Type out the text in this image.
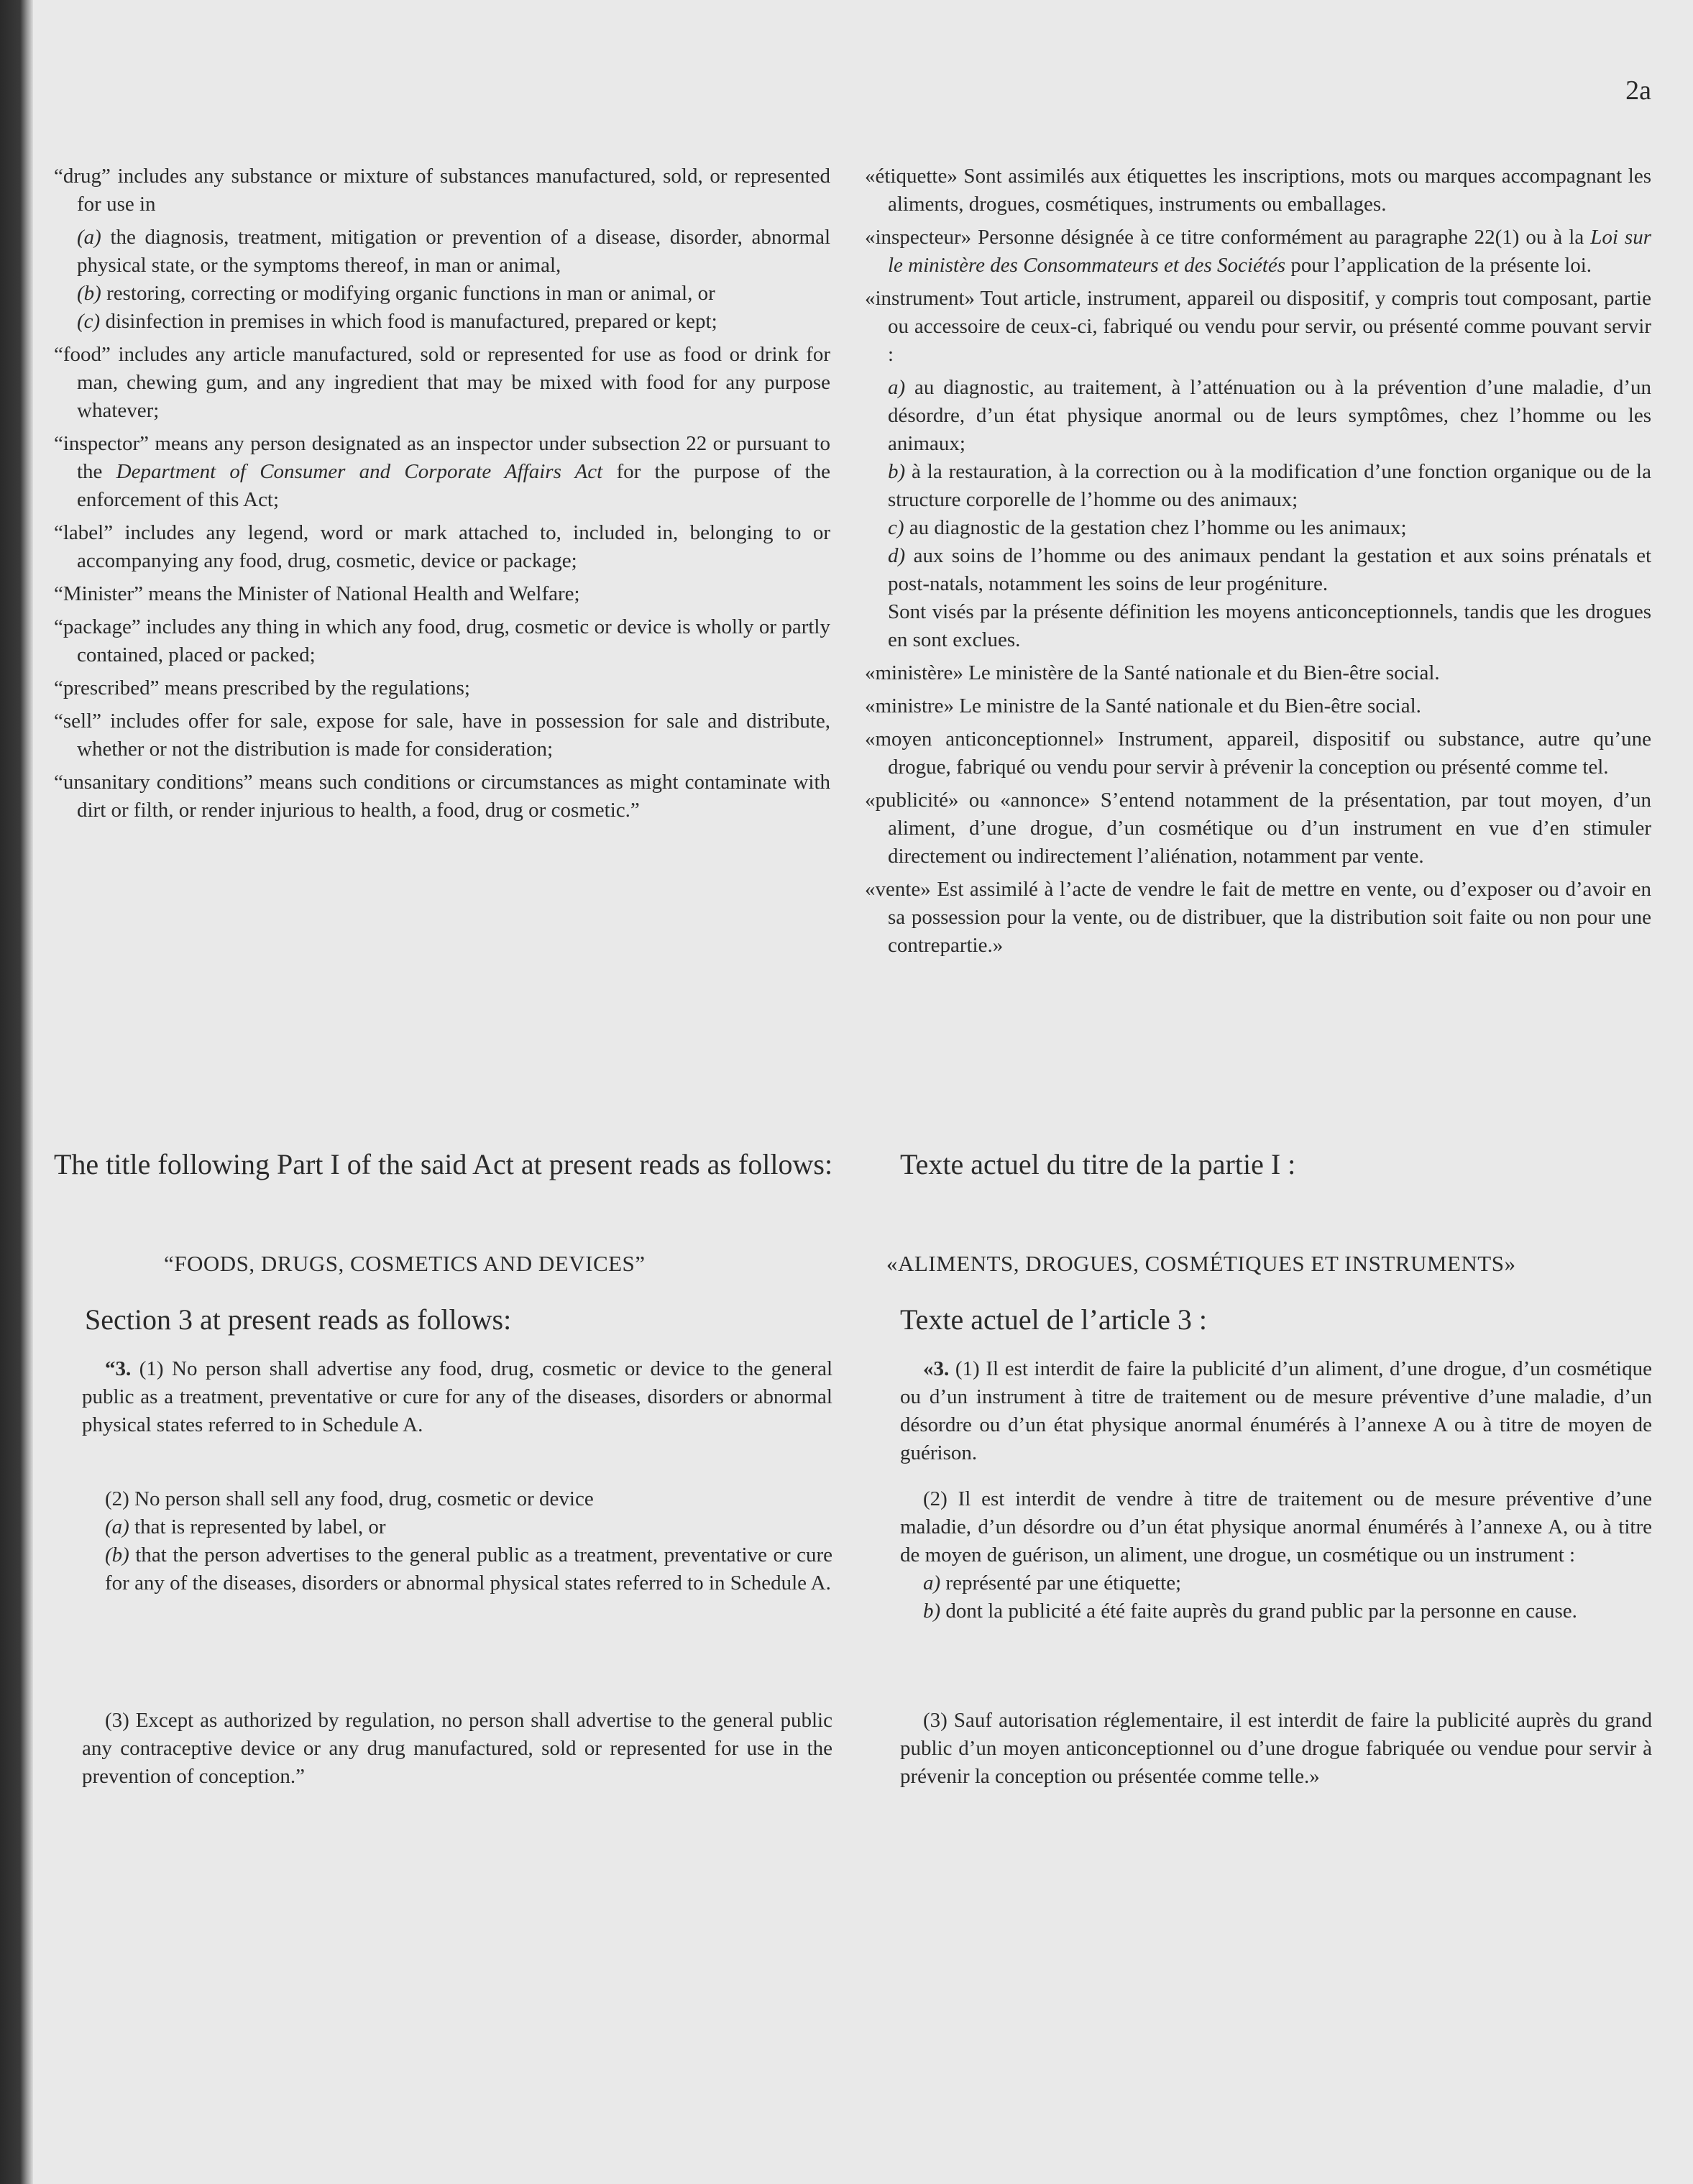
2a
“drug” includes any substance or mixture of substances manufactured, sold, or represented for use in
(a) the diagnosis, treatment, mitigation or prevention of a disease, disorder, abnormal physical state, or the symptoms thereof, in man or animal,
(b) restoring, correcting or modifying organic functions in man or animal, or
(c) disinfection in premises in which food is manufactured, prepared or kept;
“food” includes any article manufactured, sold or represented for use as food or drink for man, chewing gum, and any ingredient that may be mixed with food for any purpose whatever;
“inspector” means any person designated as an inspector under subsection 22 or pursuant to the Department of Consumer and Corporate Affairs Act for the purpose of the enforcement of this Act;
“label” includes any legend, word or mark attached to, included in, belonging to or accompanying any food, drug, cosmetic, device or package;
“Minister” means the Minister of National Health and Welfare;
“package” includes any thing in which any food, drug, cosmetic or device is wholly or partly contained, placed or packed;
“prescribed” means prescribed by the regulations;
“sell” includes offer for sale, expose for sale, have in possession for sale and distribute, whether or not the distribution is made for consideration;
“unsanitary conditions” means such conditions or circumstances as might contaminate with dirt or filth, or render injurious to health, a food, drug or cosmetic.”
«étiquette» Sont assimilés aux étiquettes les inscriptions, mots ou marques accompagnant les aliments, drogues, cosmétiques, instruments ou emballages.
«inspecteur» Personne désignée à ce titre conformément au paragraphe 22(1) ou à la Loi sur le ministère des Consommateurs et des Sociétés pour l’application de la présente loi.
«instrument» Tout article, instrument, appareil ou dispositif, y compris tout composant, partie ou accessoire de ceux-ci, fabriqué ou vendu pour servir, ou présenté comme pouvant servir :
a) au diagnostic, au traitement, à l’atténuation ou à la prévention d’une maladie, d’un désordre, d’un état physique anormal ou de leurs symptômes, chez l’homme ou les animaux;
b) à la restauration, à la correction ou à la modification d’une fonction organique ou de la structure corporelle de l’homme ou des animaux;
c) au diagnostic de la gestation chez l’homme ou les animaux;
d) aux soins de l’homme ou des animaux pendant la gestation et aux soins prénatals et post-natals, notamment les soins de leur progéniture.
Sont visés par la présente définition les moyens anticonceptionnels, tandis que les drogues en sont exclues.
«ministère» Le ministère de la Santé nationale et du Bien-être social.
«ministre» Le ministre de la Santé nationale et du Bien-être social.
«moyen anticonceptionnel» Instrument, appareil, dispositif ou substance, autre qu’une drogue, fabriqué ou vendu pour servir à prévenir la conception ou présenté comme tel.
«publicité» ou «annonce» S’entend notamment de la présentation, par tout moyen, d’un aliment, d’une drogue, d’un cosmétique ou d’un instrument en vue d’en stimuler directement ou indirectement l’aliénation, notamment par vente.
«vente» Est assimilé à l’acte de vendre le fait de mettre en vente, ou d’exposer ou d’avoir en sa possession pour la vente, ou de distribuer, que la distribution soit faite ou non pour une contrepartie.»
The title following Part I of the said Act at present reads as follows: Texte actuel du titre de la partie I :
“FOODS, DRUGS, COSMETICS AND DEVICES”	«ALIMENTS, DROGUES, COSMÉTIQUES ET INSTRUMENTS»
Section 3 at present reads as follows:	Texte actuel de l’article 3 :

“3. (1) No person shall advertise any food, drug, cosmetic or device to the general public as a treatment, preventative or cure for any of the diseases, disorders or abnormal physical states referred to in Schedule A.

(2) No person shall sell any food, drug, cosmetic or device

(a) that is represented by label, or

(b) that the person advertises to the general public as a treatment, preventative or cure for any of the diseases, disorders or abnormal physical states referred to in Schedule A.

(3) Except as authorized by regulation, no person shall advertise to the general public any contraceptive device or any drug manufactured, sold or represented for use in the prevention of conception.”

«3. (1) Il est interdit de faire la publicité d’un aliment, d’une drogue, d’un cosmétique ou d’un instrument à titre de traitement ou de mesure préventive d’une maladie, d’un désordre ou d’un état physique anormal énumérés à l’annexe A ou à titre de moyen de guérison.

(2) Il est interdit de vendre à titre de traitement ou de mesure préventive d’une maladie, d’un désordre ou d’un état physique anormal énumérés à l’annexe A, ou à titre de moyen de guérison, un aliment, une drogue, un cosmétique ou un instrument :

a) représenté par une étiquette;

b) dont la publicité a été faite auprès du grand public par la personne en cause.

(3) Sauf autorisation réglementaire, il est interdit de faire la publicité auprès du grand public d’un moyen anticonceptionnel ou d’une drogue fabriquée ou vendue pour servir à prévenir la conception ou présentée comme telle.»
